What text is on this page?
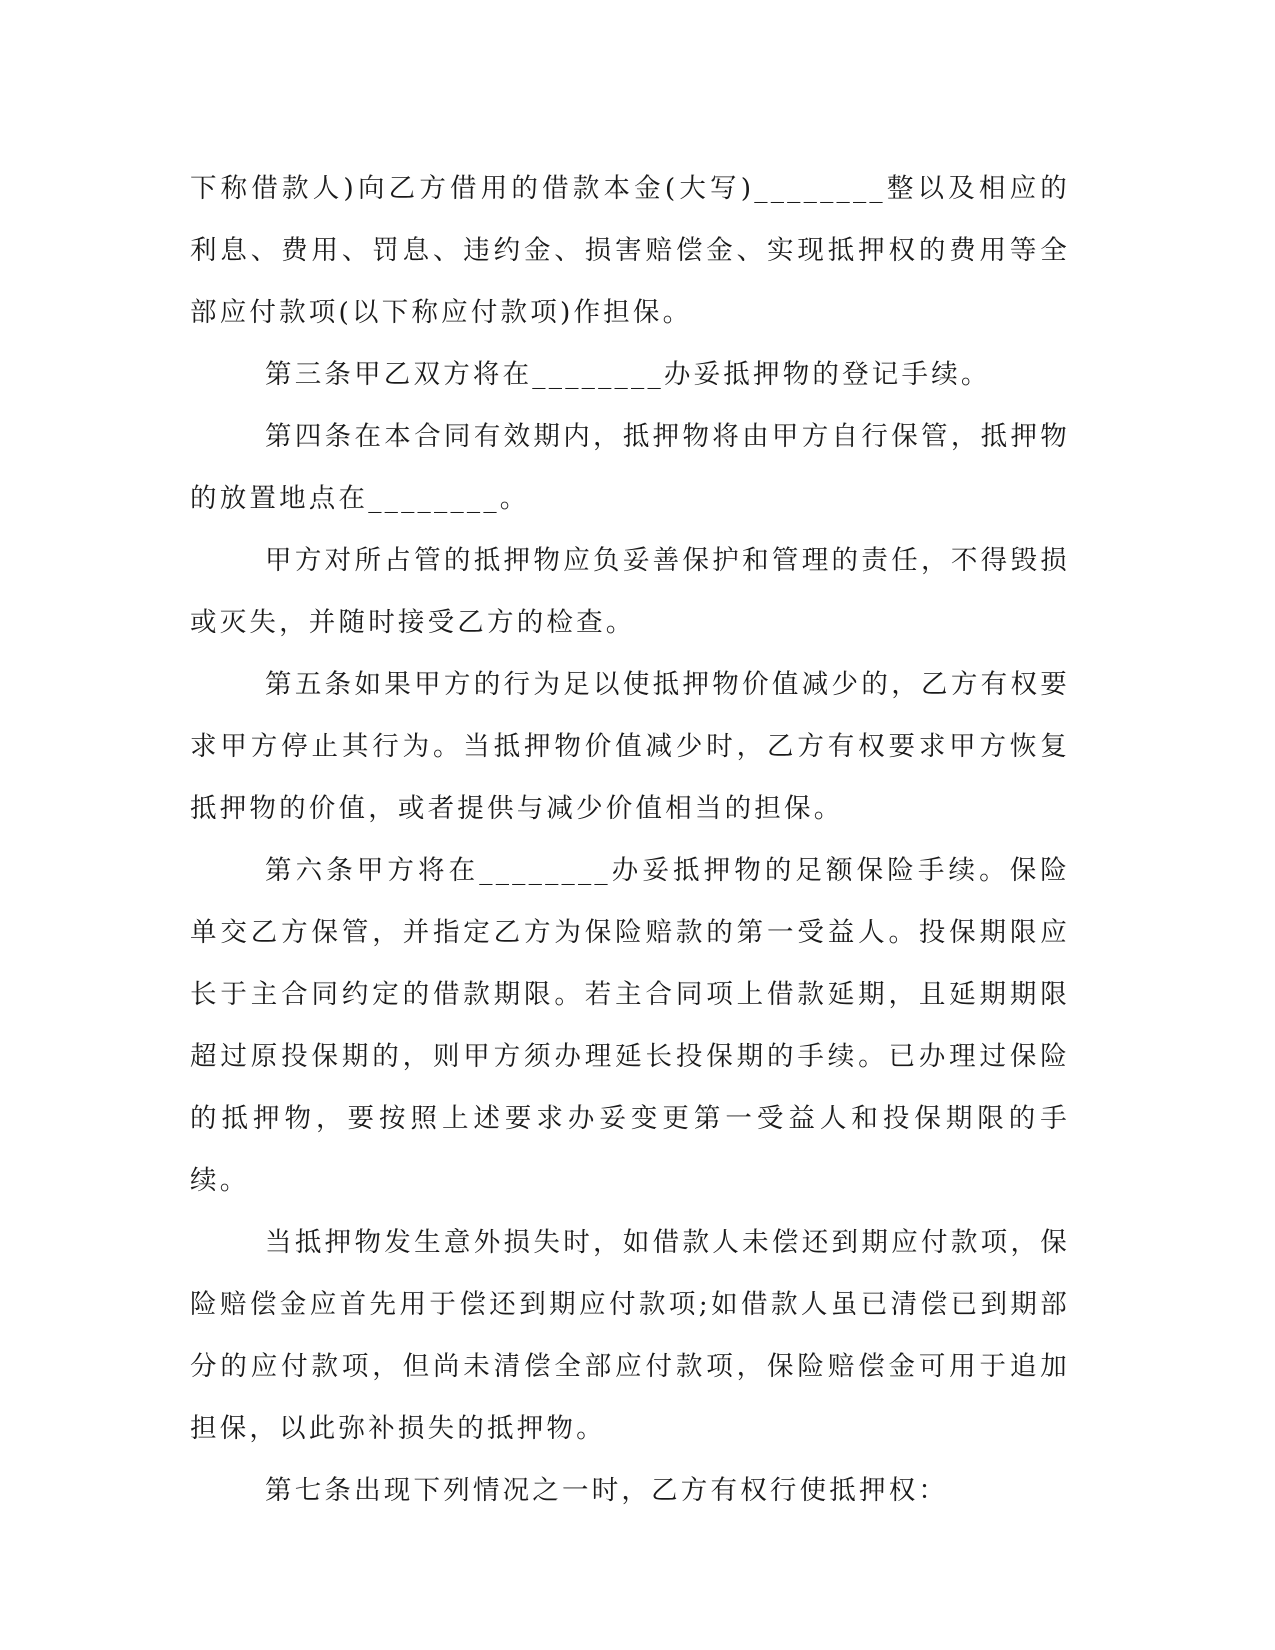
下称借款人)向乙方借用的借款本金(大写)________整以及相应的利息、费用、罚息、违约金、损害赔偿金、实现抵押权的费用等全部应付款项(以下称应付款项)作担保。

第三条甲乙双方将在________办妥抵押物的登记手续。

第四条在本合同有效期内，抵押物将由甲方自行保管，抵押物的放置地点在________。

甲方对所占管的抵押物应负妥善保护和管理的责任，不得毁损或灭失，并随时接受乙方的检查。

第五条如果甲方的行为足以使抵押物价值减少的，乙方有权要求甲方停止其行为。当抵押物价值减少时，乙方有权要求甲方恢复抵押物的价值，或者提供与减少价值相当的担保。

第六条甲方将在________办妥抵押物的足额保险手续。保险单交乙方保管，并指定乙方为保险赔款的第一受益人。投保期限应长于主合同约定的借款期限。若主合同项上借款延期，且延期期限超过原投保期的，则甲方须办理延长投保期的手续。已办理过保险的抵押物，要按照上述要求办妥变更第一受益人和投保期限的手续。

当抵押物发生意外损失时，如借款人未偿还到期应付款项，保险赔偿金应首先用于偿还到期应付款项;如借款人虽已清偿已到期部分的应付款项，但尚未清偿全部应付款项，保险赔偿金可用于追加担保，以此弥补损失的抵押物。

第七条出现下列情况之一时，乙方有权行使抵押权：
